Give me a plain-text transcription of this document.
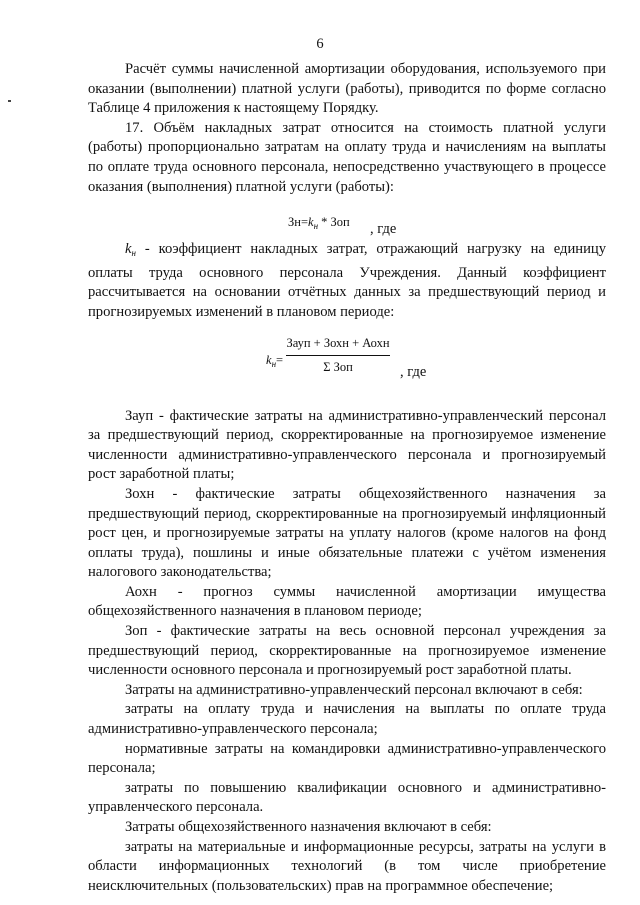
6

Расчёт суммы начисленной амортизации оборудования, используемого при оказании (выполнении) платной услуги (работы), приводится по форме согласно Таблице 4 приложения к настоящему Порядку.

17. Объём накладных затрат относится на стоимость платной услуги (работы) пропорционально затратам на оплату труда и начислениям на выплаты по оплате труда основного персонала, непосредственно участвующего в процессе оказания (выполнения) платной услуги (работы):

$Зн=k_н$ * Зоп , где

$k_н$ - коэффициент накладных затрат, отражающий нагрузку на единицу оплаты труда основного персонала Учреждения. Данный коэффициент рассчитывается на основании отчётных данных за предшествующий период и прогнозируемых изменений в плановом периоде:

$k_н=$
Зауп + Зохн + Аохн
Σ Зоп	, где

Зауп - фактические затраты на административно-управленческий персонал

за предшествующий период, скорректированные на прогнозируемое изменение численности административно-управленческого персонала и прогнозируемый рост заработной платы;

Зохн - фактические затраты общехозяйственного назначения за предшествующий период, скорректированные на прогнозируемый инфляционный рост цен, и прогнозируемые затраты на уплату налогов (кроме налогов на фонд оплаты труда), пошлины и иные обязательные платежи с учётом изменения налогового законодательства;

Аохн - прогноз суммы начисленной амортизации имущества общехозяйственного назначения в плановом периоде;

Зоп - фактические затраты на весь основной персонал учреждения за предшествующий период, скорректированные на прогнозируемое изменение численности основного персонала и прогнозируемый рост заработной платы.

Затраты на административно-управленческий персонал включают в себя:

затраты на оплату труда и начисления на выплаты по оплате труда административно-управленческого персонала;

нормативные затраты на командировки административно-управленческого персонала;

затраты по повышению квалификации основного и административно-управленческого персонала.

Затраты общехозяйственного назначения включают в себя:

затраты на материальные и информационные ресурсы, затраты на услуги в области информационных технологий (в том числе приобретение неисключительных (пользовательских) прав на программное обеспечение;
